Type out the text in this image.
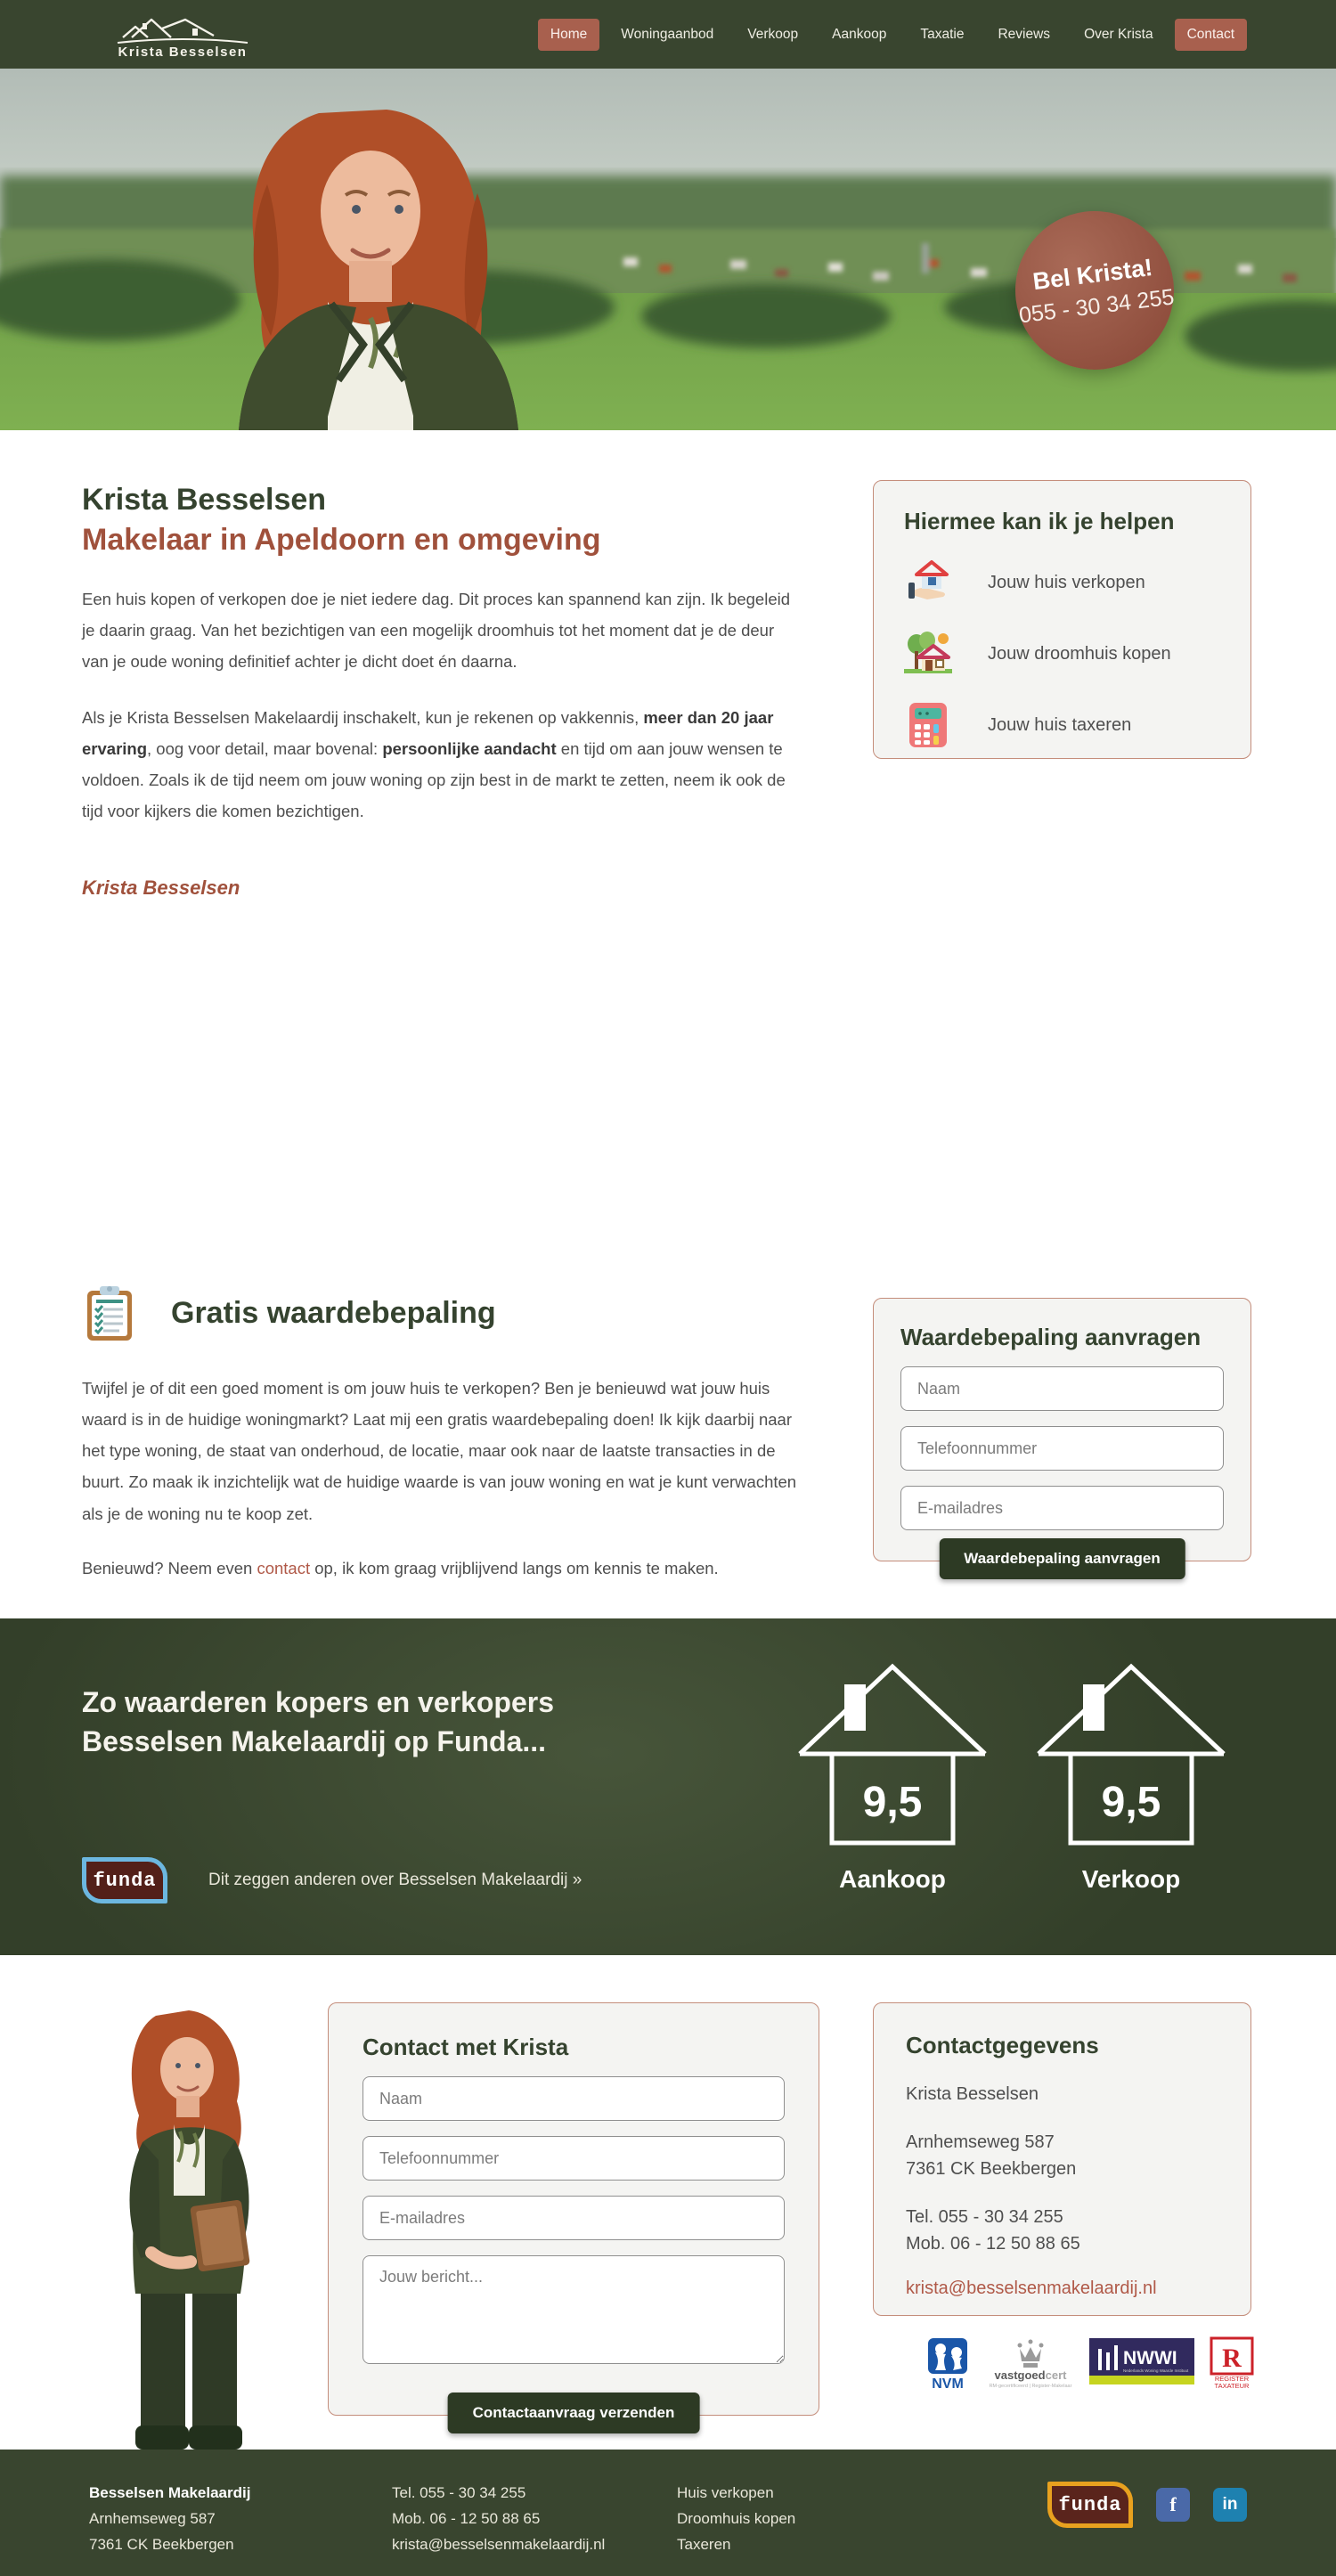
Krista Besselsen
Home	Woningaanbod	Verkoop	Aankoop	Taxatie	Reviews	Over Krista	Contact
Bel Krista!
055 - 30 34 255
Krista Besselsen
Makelaar in Apeldoorn en omgeving

Een huis kopen of verkopen doe je niet iedere dag. Dit proces kan spannend kan zijn. Ik begeleid je daarin graag. Van het bezichtigen van een mogelijk droomhuis tot het moment dat je de deur van je oude woning definitief achter je dicht doet én daarna.

Als je Krista Besselsen Makelaardij inschakelt, kun je rekenen op vakkennis, meer dan 20 jaar ervaring, oog voor detail, maar bovenal: persoonlijke aandacht en tijd om aan jouw wensen te voldoen. Zoals ik de tijd neem om jouw woning op zijn best in de markt te zetten, neem ik ook de tijd voor kijkers die komen bezichtigen.

Krista Besselsen
Hiermee kan ik je helpen
Jouw huis verkopen
Jouw droomhuis kopen
Jouw huis taxeren
Gratis waardebepaling

Twijfel je of dit een goed moment is om jouw huis te verkopen? Ben je benieuwd wat jouw huis waard is in de huidige woningmarkt? Laat mij een gratis waardebepaling doen! Ik kijk daarbij naar het type woning, de staat van onderhoud, de locatie, maar ook naar de laatste transacties in de buurt. Zo maak ik inzichtelijk wat de huidige waarde is van jouw woning en wat je kunt verwachten als je de woning nu te koop zet.

Benieuwd? Neem even contact op, ik kom graag vrijblijvend langs om kennis te maken.

Waardebepaling aanvragen
Naam Telefoonnummer E-mailadres
Waardebepaling aanvragen
Zo waarderen kopers en verkopers
Besselsen Makelaardij op Funda...
funda	Dit zeggen anderen over Besselsen Makelaardij »
9,5
Aankoop
9,5
Verkoop
Contact met Krista
Naam Telefoonnummer E-mailadres Jouw bericht...
Contactaanvraag verzenden
Contactgegevens
Krista Besselsen
Arnhemseweg 587
7361 CK Beekbergen
Tel. 055 - 30 34 255
Mob. 06 - 12 50 88 65
krista@besselsenmakelaardij.nl
NVM
vastgoedcert
RM-gecertificeerd | Register-Makelaar
NWWI
Nederlands Woning Waarde Instituut R
REGISTER
TAXATEUR
Besselsen Makelaardij
Arnhemseweg 587
7361 CK Beekbergen
Tel. 055 - 30 34 255
Mob. 06 - 12 50 88 65
krista@besselsenmakelaardij.nl
Huis verkopen
Droomhuis kopen
Taxeren
funda	f	in
